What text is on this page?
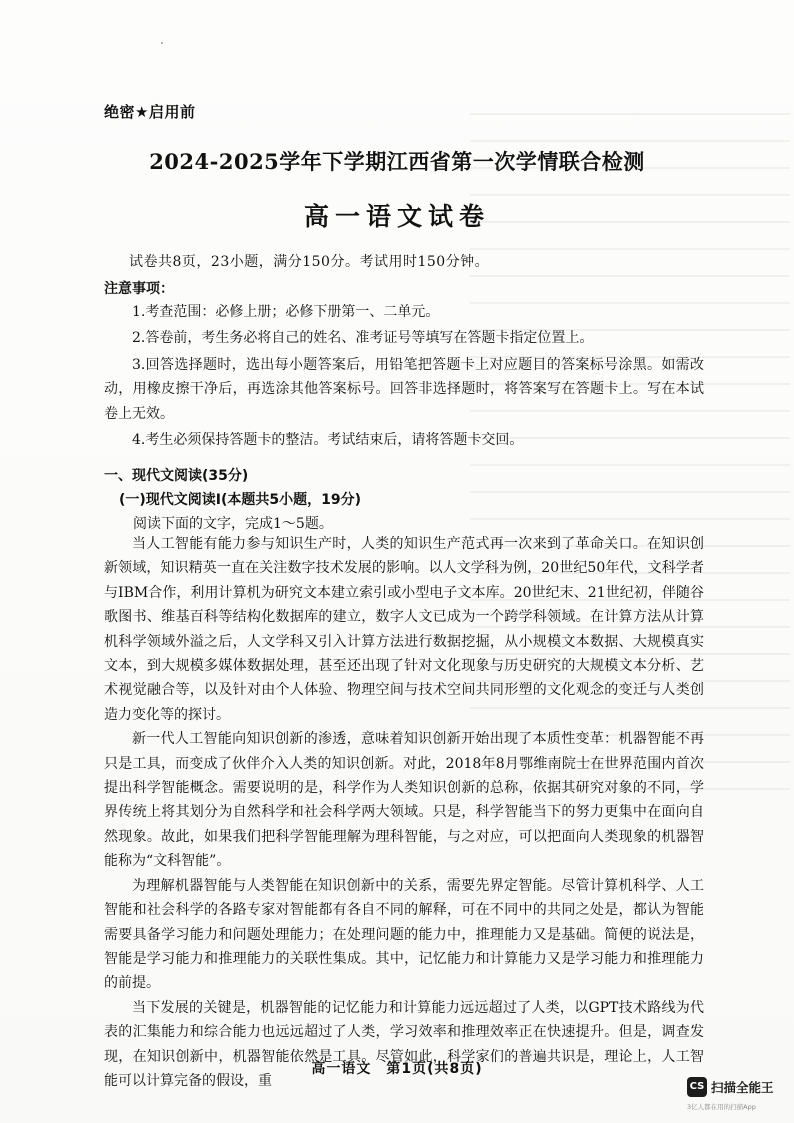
绝密★启用前
2024-2025学年下学期江西省第一次学情联合检测
高一语文试卷
试卷共8页，23小题，满分150分。考试用时150分钟。
注意事项：
1.考查范围：必修上册；必修下册第一、二单元。
2.答卷前，考生务必将自己的姓名、准考证号等填写在答题卡指定位置上。
3.回答选择题时，选出每小题答案后，用铅笔把答题卡上对应题目的答案标号涂黑。如需改动，用橡皮擦干净后，再选涂其他答案标号。回答非选择题时，将答案写在答题卡上。写在本试卷上无效。
4.考生必须保持答题卡的整洁。考试结束后，请将答题卡交回。
一、现代文阅读(35分)
(一)现代文阅读Ⅰ(本题共5小题，19分)
阅读下面的文字，完成1～5题。

当人工智能有能力参与知识生产时，人类的知识生产范式再一次来到了革命关口。在知识创新领域，知识精英一直在关注数字技术发展的影响。以人文学科为例，20世纪50年代，文科学者与IBM合作，利用计算机为研究文本建立索引或小型电子文本库。20世纪末、21世纪初，伴随谷歌图书、维基百科等结构化数据库的建立，数字人文已成为一个跨学科领域。在计算方法从计算机科学领域外溢之后，人文学科又引入计算方法进行数据挖掘，从小规模文本数据、大规模真实文本，到大规模多媒体数据处理，甚至还出现了针对文化现象与历史研究的大规模文本分析、艺术视觉融合等，以及针对由个人体验、物理空间与技术空间共同形塑的文化观念的变迁与人类创造力变化等的探讨。

新一代人工智能向知识创新的渗透，意味着知识创新开始出现了本质性变革：机器智能不再只是工具，而变成了伙伴介入人类的知识创新。对此，2018年8月鄂维南院士在世界范围内首次提出科学智能概念。需要说明的是，科学作为人类知识创新的总称，依据其研究对象的不同，学界传统上将其划分为自然科学和社会科学两大领域。只是，科学智能当下的努力更集中在面向自然现象。故此，如果我们把科学智能理解为理科智能，与之对应，可以把面向人类现象的机器智能称为“文科智能”。

为理解机器智能与人类智能在知识创新中的关系，需要先界定智能。尽管计算机科学、人工智能和社会科学的各路专家对智能都有各自不同的解释，可在不同中的共同之处是，都认为智能需要具备学习能力和问题处理能力；在处理问题的能力中，推理能力又是基础。简便的说法是，智能是学习能力和推理能力的关联性集成。其中，记忆能力和计算能力又是学习能力和推理能力的前提。

当下发展的关键是，机器智能的记忆能力和计算能力远远超过了人类，以GPT技术路线为代表的汇集能力和综合能力也远远超过了人类，学习效率和推理效率正在快速提升。但是，调查发现，在知识创新中，机器智能依然是工具。尽管如此，科学家们的普遍共识是，理论上，人工智能可以计算完备的假设，重

高一语文　第1页(共8页)
CS 扫描全能王
3亿人都在用的扫描App
